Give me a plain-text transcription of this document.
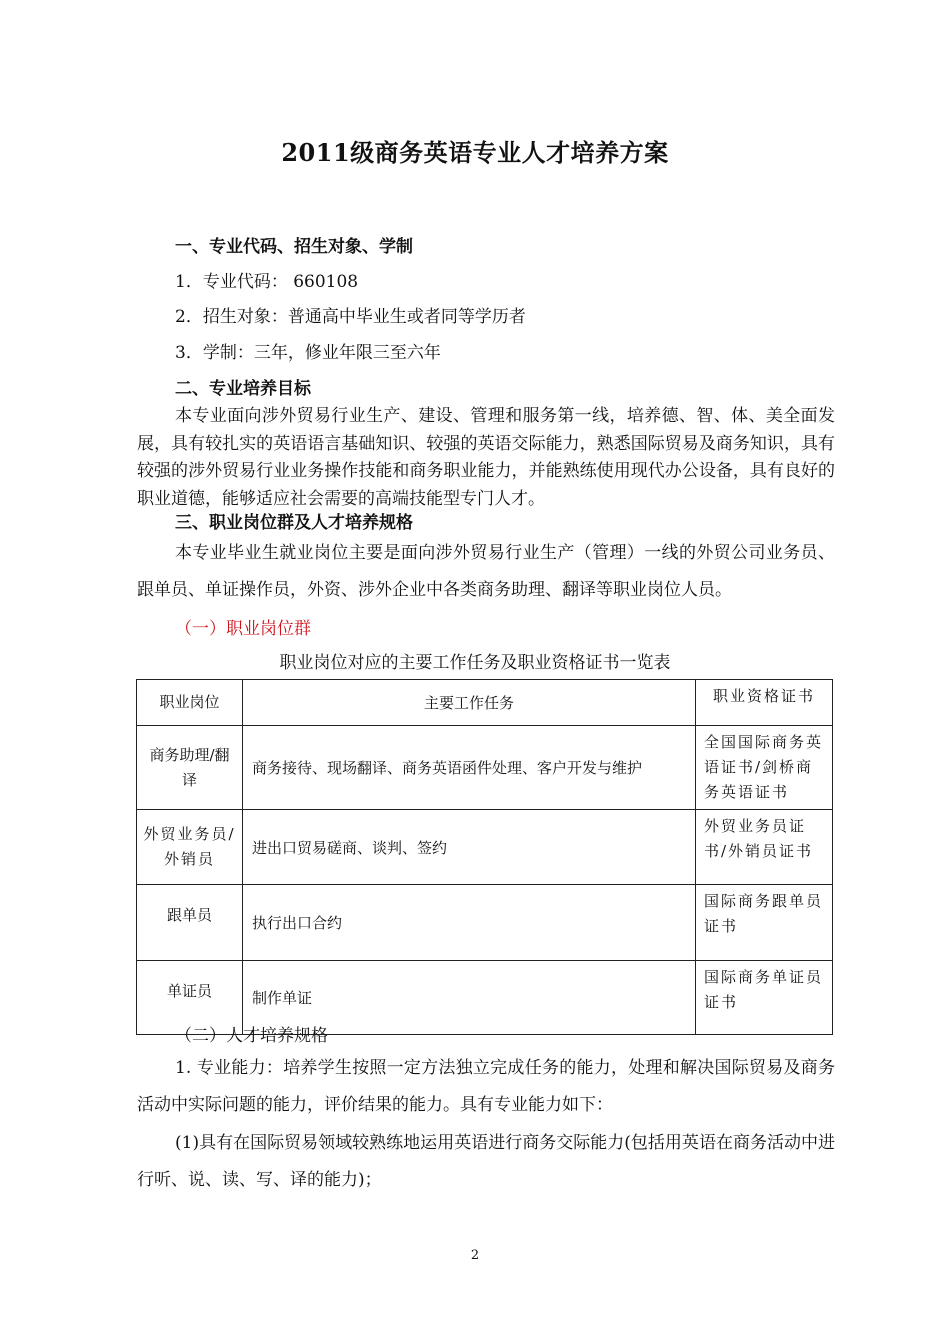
2011级商务英语专业人才培养方案
一、专业代码、招生对象、学制
1．专业代码： 660108
2．招生对象：普通高中毕业生或者同等学历者
3．学制：三年，修业年限三至六年
二、专业培养目标
本专业面向涉外贸易行业生产、建设、管理和服务第一线，培养德、智、体、美全面发展，具有较扎实的英语语言基础知识、较强的英语交际能力，熟悉国际贸易及商务知识，具有较强的涉外贸易行业业务操作技能和商务职业能力，并能熟练使用现代办公设备，具有良好的职业道德，能够适应社会需要的高端技能型专门人才。
三、职业岗位群及人才培养规格
本专业毕业生就业岗位主要是面向涉外贸易行业生产（管理）一线的外贸公司业务员、跟单员、单证操作员，外资、涉外企业中各类商务助理、翻译等职业岗位人员。
（一）职业岗位群
职业岗位对应的主要工作任务及职业资格证书一览表
职业岗位	主要工作任务	职业资格证书
商务助理/翻译	商务接待、现场翻译、商务英语函件处理、客户开发与维护	全国国际商务英语证书/剑桥商务英语证书
外贸业务员/外销员	进出口贸易磋商、谈判、签约	外贸业务员证书/外销员证书
跟单员	执行出口合约	国际商务跟单员证书
单证员	制作单证	国际商务单证员证书
（二）人才培养规格
1. 专业能力：培养学生按照一定方法独立完成任务的能力，处理和解决国际贸易及商务活动中实际问题的能力，评价结果的能力。具有专业能力如下：
(1)具有在国际贸易领域较熟练地运用英语进行商务交际能力(包括用英语在商务活动中进行听、说、读、写、译的能力)；
2
